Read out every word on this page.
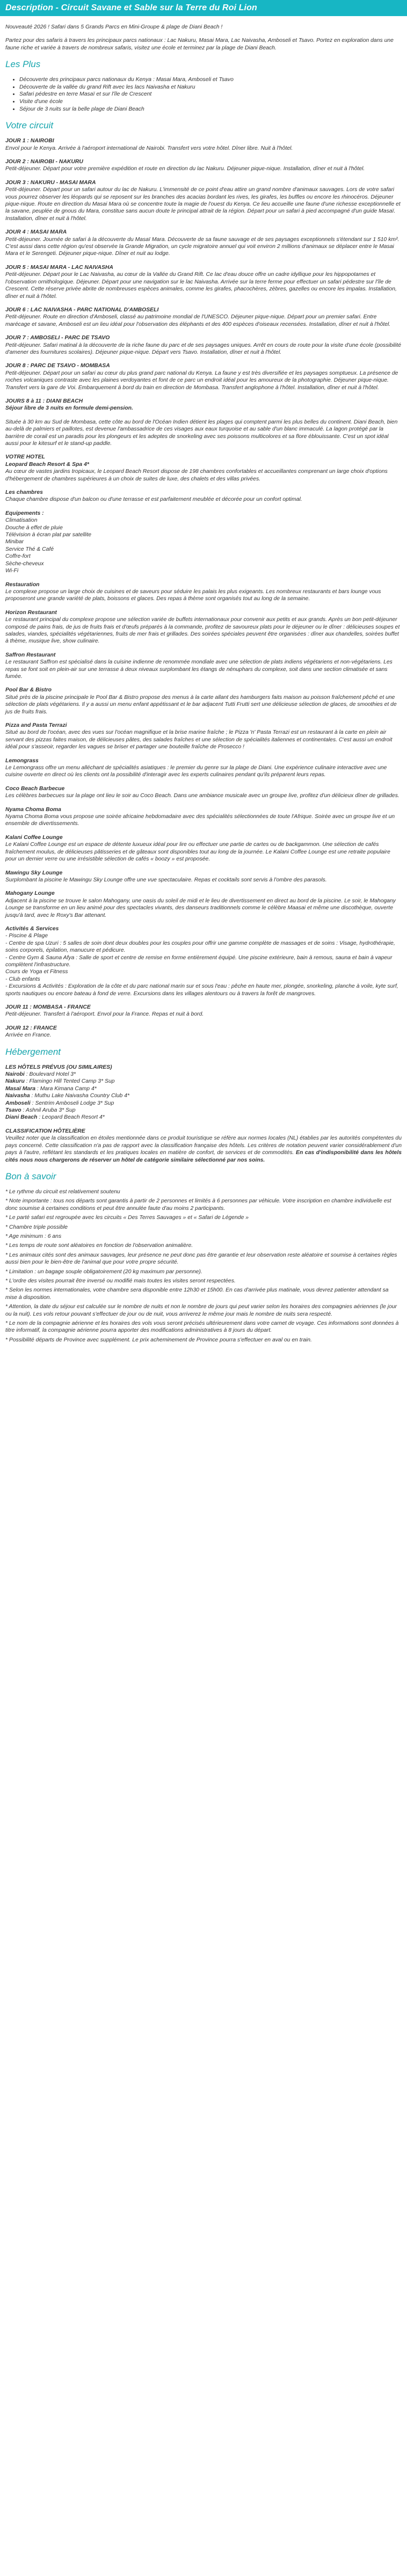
Description - Circuit Savane et Sable sur la Terre du Roi Lion

Nouveauté 2026 ! Safari dans 5 Grands Parcs en Mini-Groupe & plage de Diani Beach !

Partez pour des safaris à travers les principaux parcs nationaux : Lac Nakuru, Masai Mara, Lac Naivasha, Amboseli et Tsavo. Portez en exploration dans une faune riche et variée à travers de nombreux safaris, visitez une école et terminez par la plage de Diani Beach.

Les Plus
• Découverte des principaux parcs nationaux du Kenya : Masai Mara, Amboseli et Tsavo
• Découverte de la vallée du grand Rift avec les lacs Naivasha et Nakuru
• Safari pédestre en terre Masaï et sur l'île de Crescent
• Visite d'une école
• Séjour de 3 nuits sur la belle plage de Diani Beach
Votre circuit
JOUR 1 : NAIROBI
Envol pour le Kenya. Arrivée à l'aéroport international de Nairobi. Transfert vers votre hôtel. Dîner libre. Nuit à l'hôtel.
JOUR 2 : NAIROBI - NAKURU
Petit-déjeuner. Départ pour votre première expédition et route en direction du lac Nakuru. Déjeuner pique-nique. Installation, dîner et nuit à l'hôtel.
JOUR 3 : NAKURU - MASAI MARA
Petit-déjeuner. Départ pour un safari autour du lac de Nakuru. L'immensité de ce point d'eau attire un grand nombre d'animaux sauvages. Lors de votre safari vous pourrez observer les léopards qui se reposent sur les branches des acacias bordant les rives, les girafes, les buffles ou encore les rhinocéros. Déjeuner pique-nique. Route en direction du Masai Mara où se concentre toute la magie de l'ouest du Kenya. Ce lieu accueille une faune d'une richesse exceptionnelle et la savane, peuplée de gnous du Mara, constitue sans aucun doute le principal attrait de la région. Départ pour un safari à pied accompagné d'un guide Masaï. Installation, dîner et nuit à l'hôtel.
JOUR 4 : MASAI MARA
Petit-déjeuner. Journée de safari à la découverte du Masaï Mara. Découverte de sa faune sauvage et de ses paysages exceptionnels s'étendant sur 1 510 km². C'est aussi dans cette région qu'est observée la Grande Migration, un cycle migratoire annuel qui voit environ 2 millions d'animaux se déplacer entre le Masai Mara et le Serengeti. Déjeuner pique-nique. Dîner et nuit au lodge.
JOUR 5 : MASAI MARA - LAC NAIVASHA
Petit-déjeuner. Départ pour le Lac Naivasha, au cœur de la Vallée du Grand Rift. Ce lac d'eau douce offre un cadre idyllique pour les hippopotames et l'observation ornithologique. Déjeuner. Départ pour une navigation sur le lac Naivasha. Arrivée sur la terre ferme pour effectuer un safari pédestre sur l'île de Crescent. Cette réserve privée abrite de nombreuses espèces animales, comme les girafes, phacochères, zèbres, gazelles ou encore les impalas. Installation, dîner et nuit à l'hôtel.
JOUR 6 : LAC NAIVASHA - PARC NATIONAL D'AMBOSELI
Petit-déjeuner. Route en direction d'Amboseli, classé au patrimoine mondial de l'UNESCO. Déjeuner pique-nique. Départ pour un premier safari. Entre marécage et savane, Amboseli est un lieu idéal pour l'observation des éléphants et des 400 espèces d'oiseaux recensées. Installation, dîner et nuit à l'hôtel.
JOUR 7 : AMBOSELI - PARC DE TSAVO
Petit-déjeuner. Safari matinal à la découverte de la riche faune du parc et de ses paysages uniques. Arrêt en cours de route pour la visite d'une école (possibilité d'amener des fournitures scolaires). Déjeuner pique-nique. Départ vers Tsavo. Installation, dîner et nuit à l'hôtel.
JOUR 8 : PARC DE TSAVO - MOMBASA
Petit-déjeuner. Départ pour un safari au cœur du plus grand parc national du Kenya. La faune y est très diversifiée et les paysages somptueux. La présence de roches volcaniques contraste avec les plaines verdoyantes et font de ce parc un endroit idéal pour les amoureux de la photographie. Déjeuner pique-nique. Transfert vers la gare de Voi. Embarquement à bord du train en direction de Mombasa. Transfert anglophone à l'hôtel. Installation, dîner et nuit à l'hôtel.
JOURS 8 à 11 : DIANI BEACH
Séjour libre de 3 nuits en formule demi-pension.
Située à 30 km au Sud de Mombasa, cette côte au bord de l'Océan Indien détient les plages qui comptent parmi les plus belles du continent. Diani Beach, bien au-delà de palmiers et paillotes, est devenue l'ambassadrice de ces visages aux eaux turquoise et au sable d'un blanc immaculé. La lagon protégé par la barrière de corail est un paradis pour les plongeurs et les adeptes de snorkeling avec ses poissons multicolores et sa flore éblouissante. C'est un spot idéal aussi pour le kitesurf et le stand-up paddle.
VOTRE HOTEL
Leopard Beach Resort & Spa 4*
Au cœur de vastes jardins tropicaux, le Leopard Beach Resort dispose de 198 chambres confortables et accueillantes comprenant un large choix d'options d'hébergement de chambres supérieures à un choix de suites de luxe, des chalets et des villas privées.
Les chambres
Chaque chambre dispose d'un balcon ou d'une terrasse et est parfaitement meublée et décorée pour un confort optimal.
Equipements :
Climatisation
Douche à effet de pluie
Télévision à écran plat par satellite
Minibar
Service Thé & Café
Coffre-fort
Sèche-cheveux
Wi-Fi
Restauration
Le complexe propose un large choix de cuisines et de saveurs pour séduire les palais les plus exigeants. Les nombreux restaurants et bars lounge vous proposeront une grande variété de plats, boissons et glaces. Des repas à thème sont organisés tout au long de la semaine.
Horizon Restaurant
Le restaurant principal du complexe propose une sélection variée de buffets internationaux pour convenir aux petits et aux grands. Après un bon petit-déjeuner composé de pains frais, de jus de fruits frais et d'œufs préparés à la commande, profitez de savoureux plats pour le déjeuner ou le dîner : délicieuses soupes et salades, viandes, spécialités végétariennes, fruits de mer frais et grillades. Des soirées spéciales peuvent être organisées : dîner aux chandelles, soirées buffet à thème, musique live, show culinaire.
Saffron Restaurant
Le restaurant Saffron est spécialisé dans la cuisine indienne de renommée mondiale avec une sélection de plats indiens végétariens et non-végétariens. Les repas se font soit en plein-air sur une terrasse à deux niveaux surplombant les étangs de nénuphars du complexe, soit dans une section climatisée et sans fumée.
Pool Bar & Bistro
Situé près de la piscine principale le Pool Bar & Bistro propose des menus à la carte allant des hamburgers faits maison au poisson fraîchement pêché et une sélection de plats végétariens. Il y a aussi un menu enfant appétissant et le bar adjacent Tutti Frutti sert une délicieuse sélection de glaces, de smoothies et de jus de fruits frais.
Pizza and Pasta Terrazi
Situé au bord de l'océan, avec des vues sur l'océan magnifique et la brise marine fraîche ; le Pizza 'n' Pasta Terrazi est un restaurant à la carte en plein air servant des pizzas faites maison, de délicieuses pâtes, des salades fraîches et une sélection de spécialités italiennes et continentales. C'est aussi un endroit idéal pour s'asseoir, regarder les vagues se briser et partager une bouteille fraîche de Prosecco !
Lemongrass
Le Lemongrass offre un menu alléchant de spécialités asiatiques : le premier du genre sur la plage de Diani. Une expérience culinaire interactive avec une cuisine ouverte en direct où les clients ont la possibilité d'interagir avec les experts culinaires pendant qu'ils préparent leurs repas.
Coco Beach Barbecue
Les célèbres barbecues sur la plage ont lieu le soir au Coco Beach. Dans une ambiance musicale avec un groupe live, profitez d'un délicieux dîner de grillades.
Nyama Choma Boma
Nyama Choma Boma vous propose une soirée africaine hebdomadaire avec des spécialités sélectionnées de toute l'Afrique. Soirée avec un groupe live et un ensemble de divertissements.
Kalani Coffee Lounge
Le Kalani Coffee Lounge est un espace de détente luxueux idéal pour lire ou effectuer une partie de cartes ou de backgammon. Une sélection de cafés fraîchement moulus, de délicieuses pâtisseries et de gâteaux sont disponibles tout au long de la journée. Le Kalani Coffee Lounge est une retraite populaire pour un dernier verre ou une irrésistible sélection de cafés « boozy » est proposée.
Mawingu Sky Lounge
Surplombant la piscine le Mawingu Sky Lounge offre une vue spectaculaire. Repas et cocktails sont servis à l'ombre des parasols.
Mahogany Lounge
Adjacent à la piscine se trouve le salon Mahogany, une oasis du soleil de midi et le lieu de divertissement en direct au bord de la piscine. Le soir, le Mahogany Lounge se transforme en un lieu animé pour des spectacles vivants, des danseurs traditionnels comme le célèbre Maasai et même une discothèque, ouverte jusqu'à tard, avec le Roxy's Bar attenant.
Activités & Services
- Piscine & Plage
- Centre de spa Uzuri : 5 salles de soin dont deux doubles pour les couples pour offrir une gamme complète de massages et de soins : Visage, hydrothérapie, soins corporels, épilation, manucure et pédicure.
- Centre Gym & Sauna Afya : Salle de sport et centre de remise en forme entièrement équipé. Une piscine extérieure, bain à remous, sauna et bain à vapeur complètent l'infrastructure.
Cours de Yoga et Fitness
- Club enfants
- Excursions & Activités : Exploration de la côte et du parc national marin sur et sous l'eau : pêche en haute mer, plongée, snorkeling, planche à voile, kyte surf, sports nautiques ou encore bateau à fond de verre. Excursions dans les villages alentours ou à travers la forêt de mangroves.
JOUR 11 : MOMBASA - FRANCE
Petit-déjeuner. Transfert à l'aéroport. Envol pour la France. Repas et nuit à bord.
JOUR 12 : FRANCE
Arrivée en France.
Hébergement
LES HÔTELS PRÉVUS (OU SIMILAIRES)
Nairobi : Boulevard Hotel 3*
Nakuru : Flamingo Hill Tented Camp 3* Sup
Masaï Mara : Mara Kimana Camp 4*
Naivasha : Muthu Lake Naivasha Country Club 4*
Amboseli : Sentrim Amboseli Lodge 3* Sup
Tsavo : Ashnil Aruba 3* Sup
Diani Beach : Leopard Beach Resort 4*
CLASSIFICATION HÔTELIÈRE
Veuillez noter que la classification en étoiles mentionnée dans ce produit touristique se réfère aux normes locales (NL) établies par les autorités compétentes du pays concerné. Cette classification n'a pas de rapport avec la classification française des hôtels. Les critères de notation peuvent varier considérablement d'un pays à l'autre, reflétant les standards et les pratiques locales en matière de confort, de services et de commodités. En cas d'indisponibilité dans les hôtels cités nous nous chargerons de réserver un hôtel de catégorie similaire sélectionné par nos soins.
Bon à savoir
* Le rythme du circuit est relativement soutenu
* Note importante : tous nos départs sont garantis à partir de 2 personnes et limités à 6 personnes par véhicule. Votre inscription en chambre individuelle est donc soumise à certaines conditions et peut être annulée faute d'au moins 2 participants.
* Le parté safari est regroupée avec les circuits « Des Terres Sauvages » et « Safari de Légende »
* Chambre triple possible
* Age minimum : 6 ans
* Les temps de route sont aléatoires en fonction de l'observation animalière.
* Les animaux cités sont des animaux sauvages, leur présence ne peut donc pas être garantie et leur observation reste aléatoire et soumise à certaines règles aussi bien pour le bien-être de l'animal que pour votre propre sécurité.
* Limitation : un bagage souple obligatoirement (20 kg maximum par personne).
* L'ordre des visites pourrait être inversé ou modifié mais toutes les visites seront respectées.
* Selon les normes internationales, votre chambre sera disponible entre 12h30 et 15h00. En cas d'arrivée plus matinale, vous devrez patienter attendant sa mise à disposition.
* Attention, la date du séjour est calculée sur le nombre de nuits et non le nombre de jours qui peut varier selon les horaires des compagnies aériennes (le jour ou la nuit). Les vols retour pouvant s'effectuer de jour ou de nuit, vous arriverez le même jour mais le nombre de nuits sera respecté.
* Le nom de la compagnie aérienne et les horaires des vols vous seront précisés ultérieurement dans votre carnet de voyage. Ces informations sont données à titre informatif, la compagnie aérienne pourra apporter des modifications administratives à 8 jours du départ.
* Possibilité départs de Province avec supplément. Le prix acheminement de Province pourra s'effectuer en aval ou en train.
